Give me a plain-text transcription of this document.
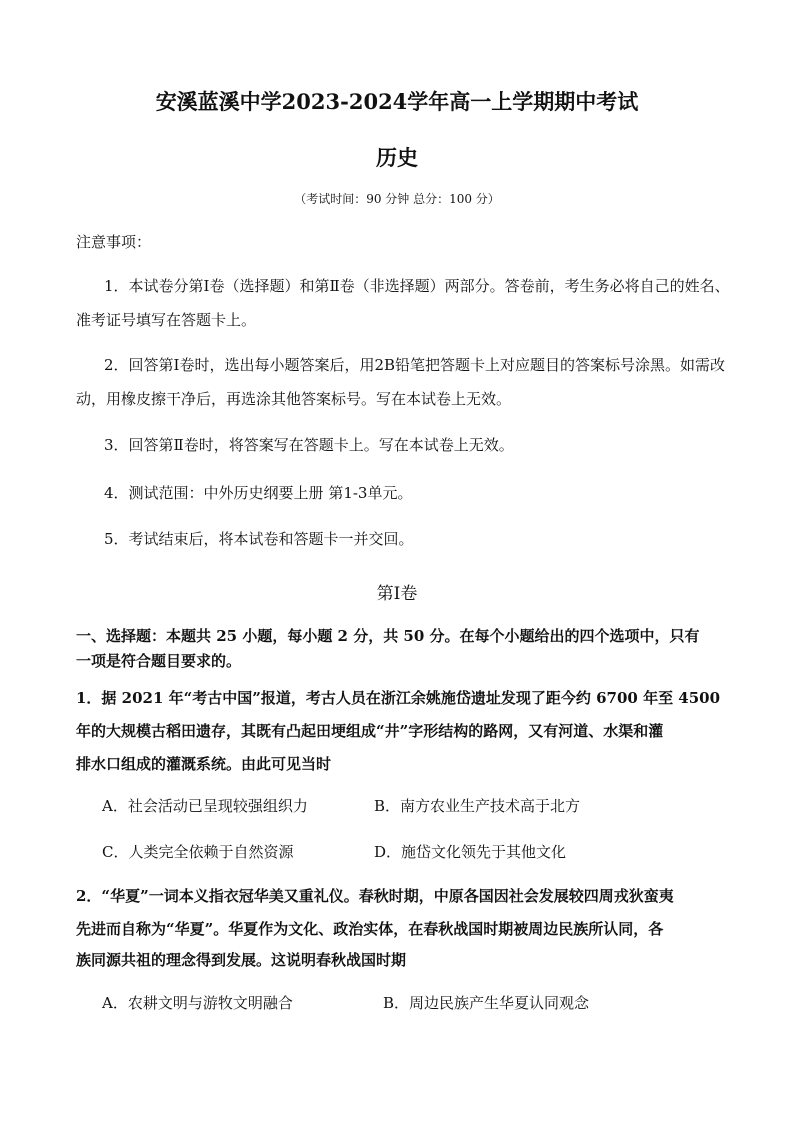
安溪蓝溪中学2023-2024学年高一上学期期中考试
历史
（考试时间：90 分钟 总分：100 分）
注意事项：
1．本试卷分第Ⅰ卷（选择题）和第Ⅱ卷（非选择题）两部分。答卷前，考生务必将自己的姓名、
准考证号填写在答题卡上。
2．回答第Ⅰ卷时，选出每小题答案后，用2B铅笔把答题卡上对应题目的答案标号涂黑。如需改
动，用橡皮擦干净后，再选涂其他答案标号。写在本试卷上无效。
3．回答第Ⅱ卷时，将答案写在答题卡上。写在本试卷上无效。
4．测试范围：中外历史纲要上册 第1-3单元。
5．考试结束后，将本试卷和答题卡一并交回。
第Ⅰ卷
一、选择题：本题共 25 小题，每小题 2 分，共 50 分。在每个小题给出的四个选项中，只有
一项是符合题目要求的。
1．据 2021 年“考古中国”报道，考古人员在浙江余姚施岱遗址发现了距今约 6700 年至 4500
年的大规模古稻田遗存，其既有凸起田埂组成“井”字形结构的路网，又有河道、水渠和灌
排水口组成的灌溉系统。由此可见当时
A．社会活动已呈现较强组织力	B．南方农业生产技术高于北方
C．人类完全依赖于自然资源	D．施岱文化领先于其他文化
2．“华夏”一词本义指衣冠华美又重礼仪。春秋时期，中原各国因社会发展较四周戎狄蛮夷
先进而自称为“华夏”。华夏作为文化、政治实体，在春秋战国时期被周边民族所认同，各
族同源共祖的理念得到发展。这说明春秋战国时期
A．农耕文明与游牧文明融合	B．周边民族产生华夏认同观念
